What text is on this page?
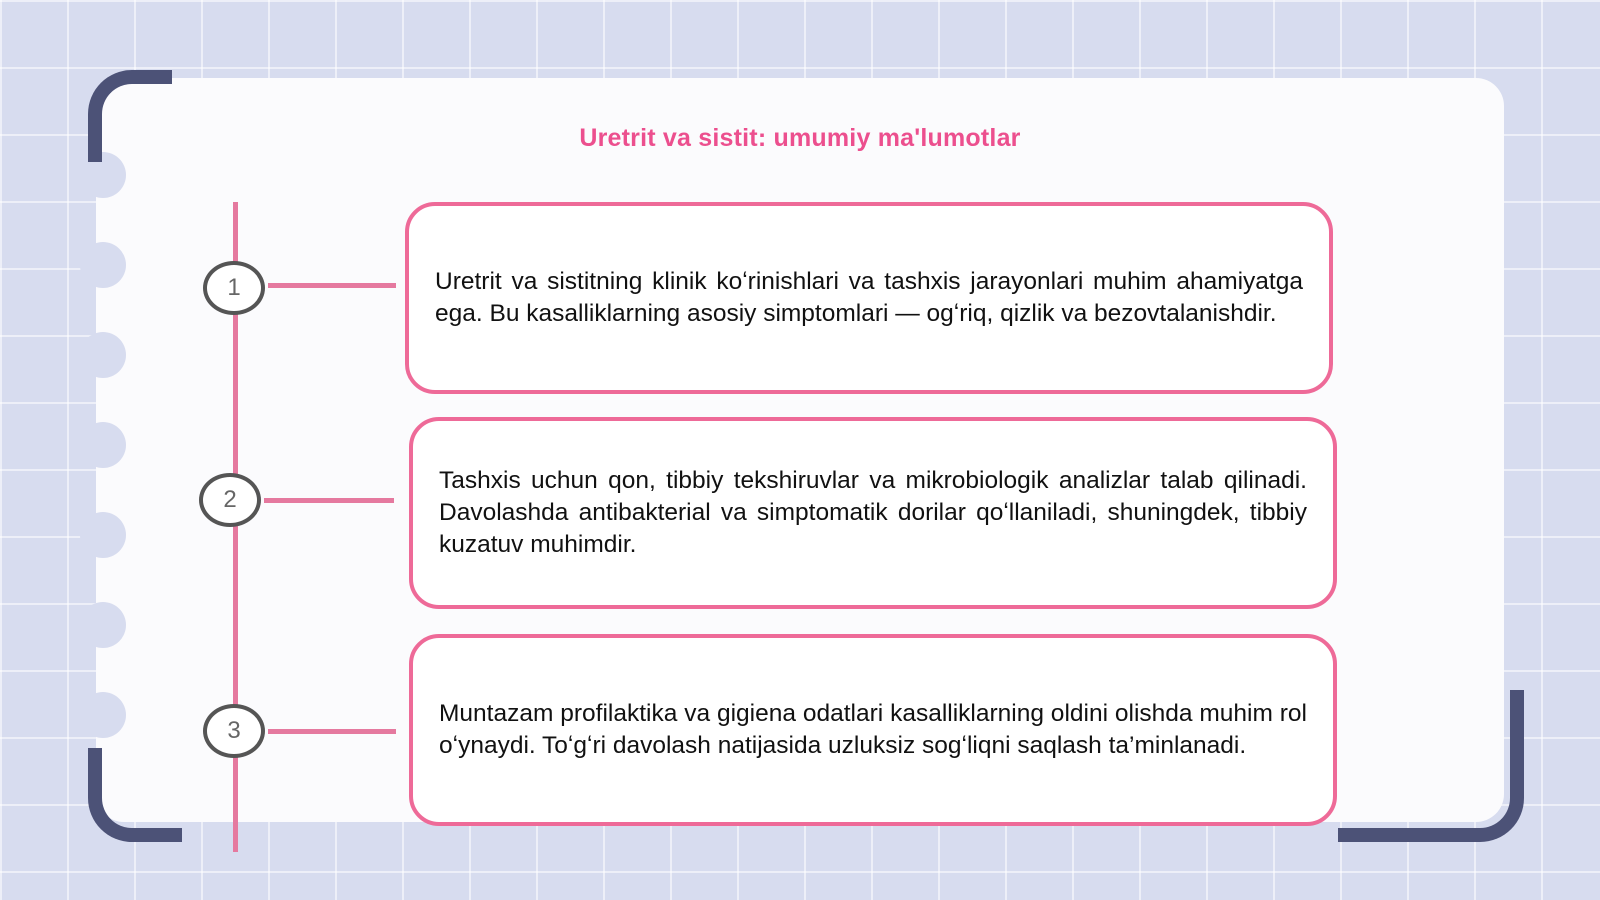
Uretrit va sistit: umumiy ma'lumotlar
1
2
3

Uretrit va sistitning klinik koʻrinishlari va tashxis jarayonlari muhim ahamiyatga ega. Bu kasalliklarning asosiy simptomlari — ogʻriq, qizlik va bezovtalanishdir.

Tashxis uchun qon, tibbiy tekshiruvlar va mikrobiologik analizlar talab qilinadi. Davolashda antibakterial va simptomatik dorilar qoʻllaniladi, shuningdek, tibbiy kuzatuv muhimdir.

Muntazam profilaktika va gigiena odatlari kasalliklarning oldini olishda muhim rol oʻynaydi. Toʻgʻri davolash natijasida uzluksiz sogʻliqni saqlash ta’minlanadi.
